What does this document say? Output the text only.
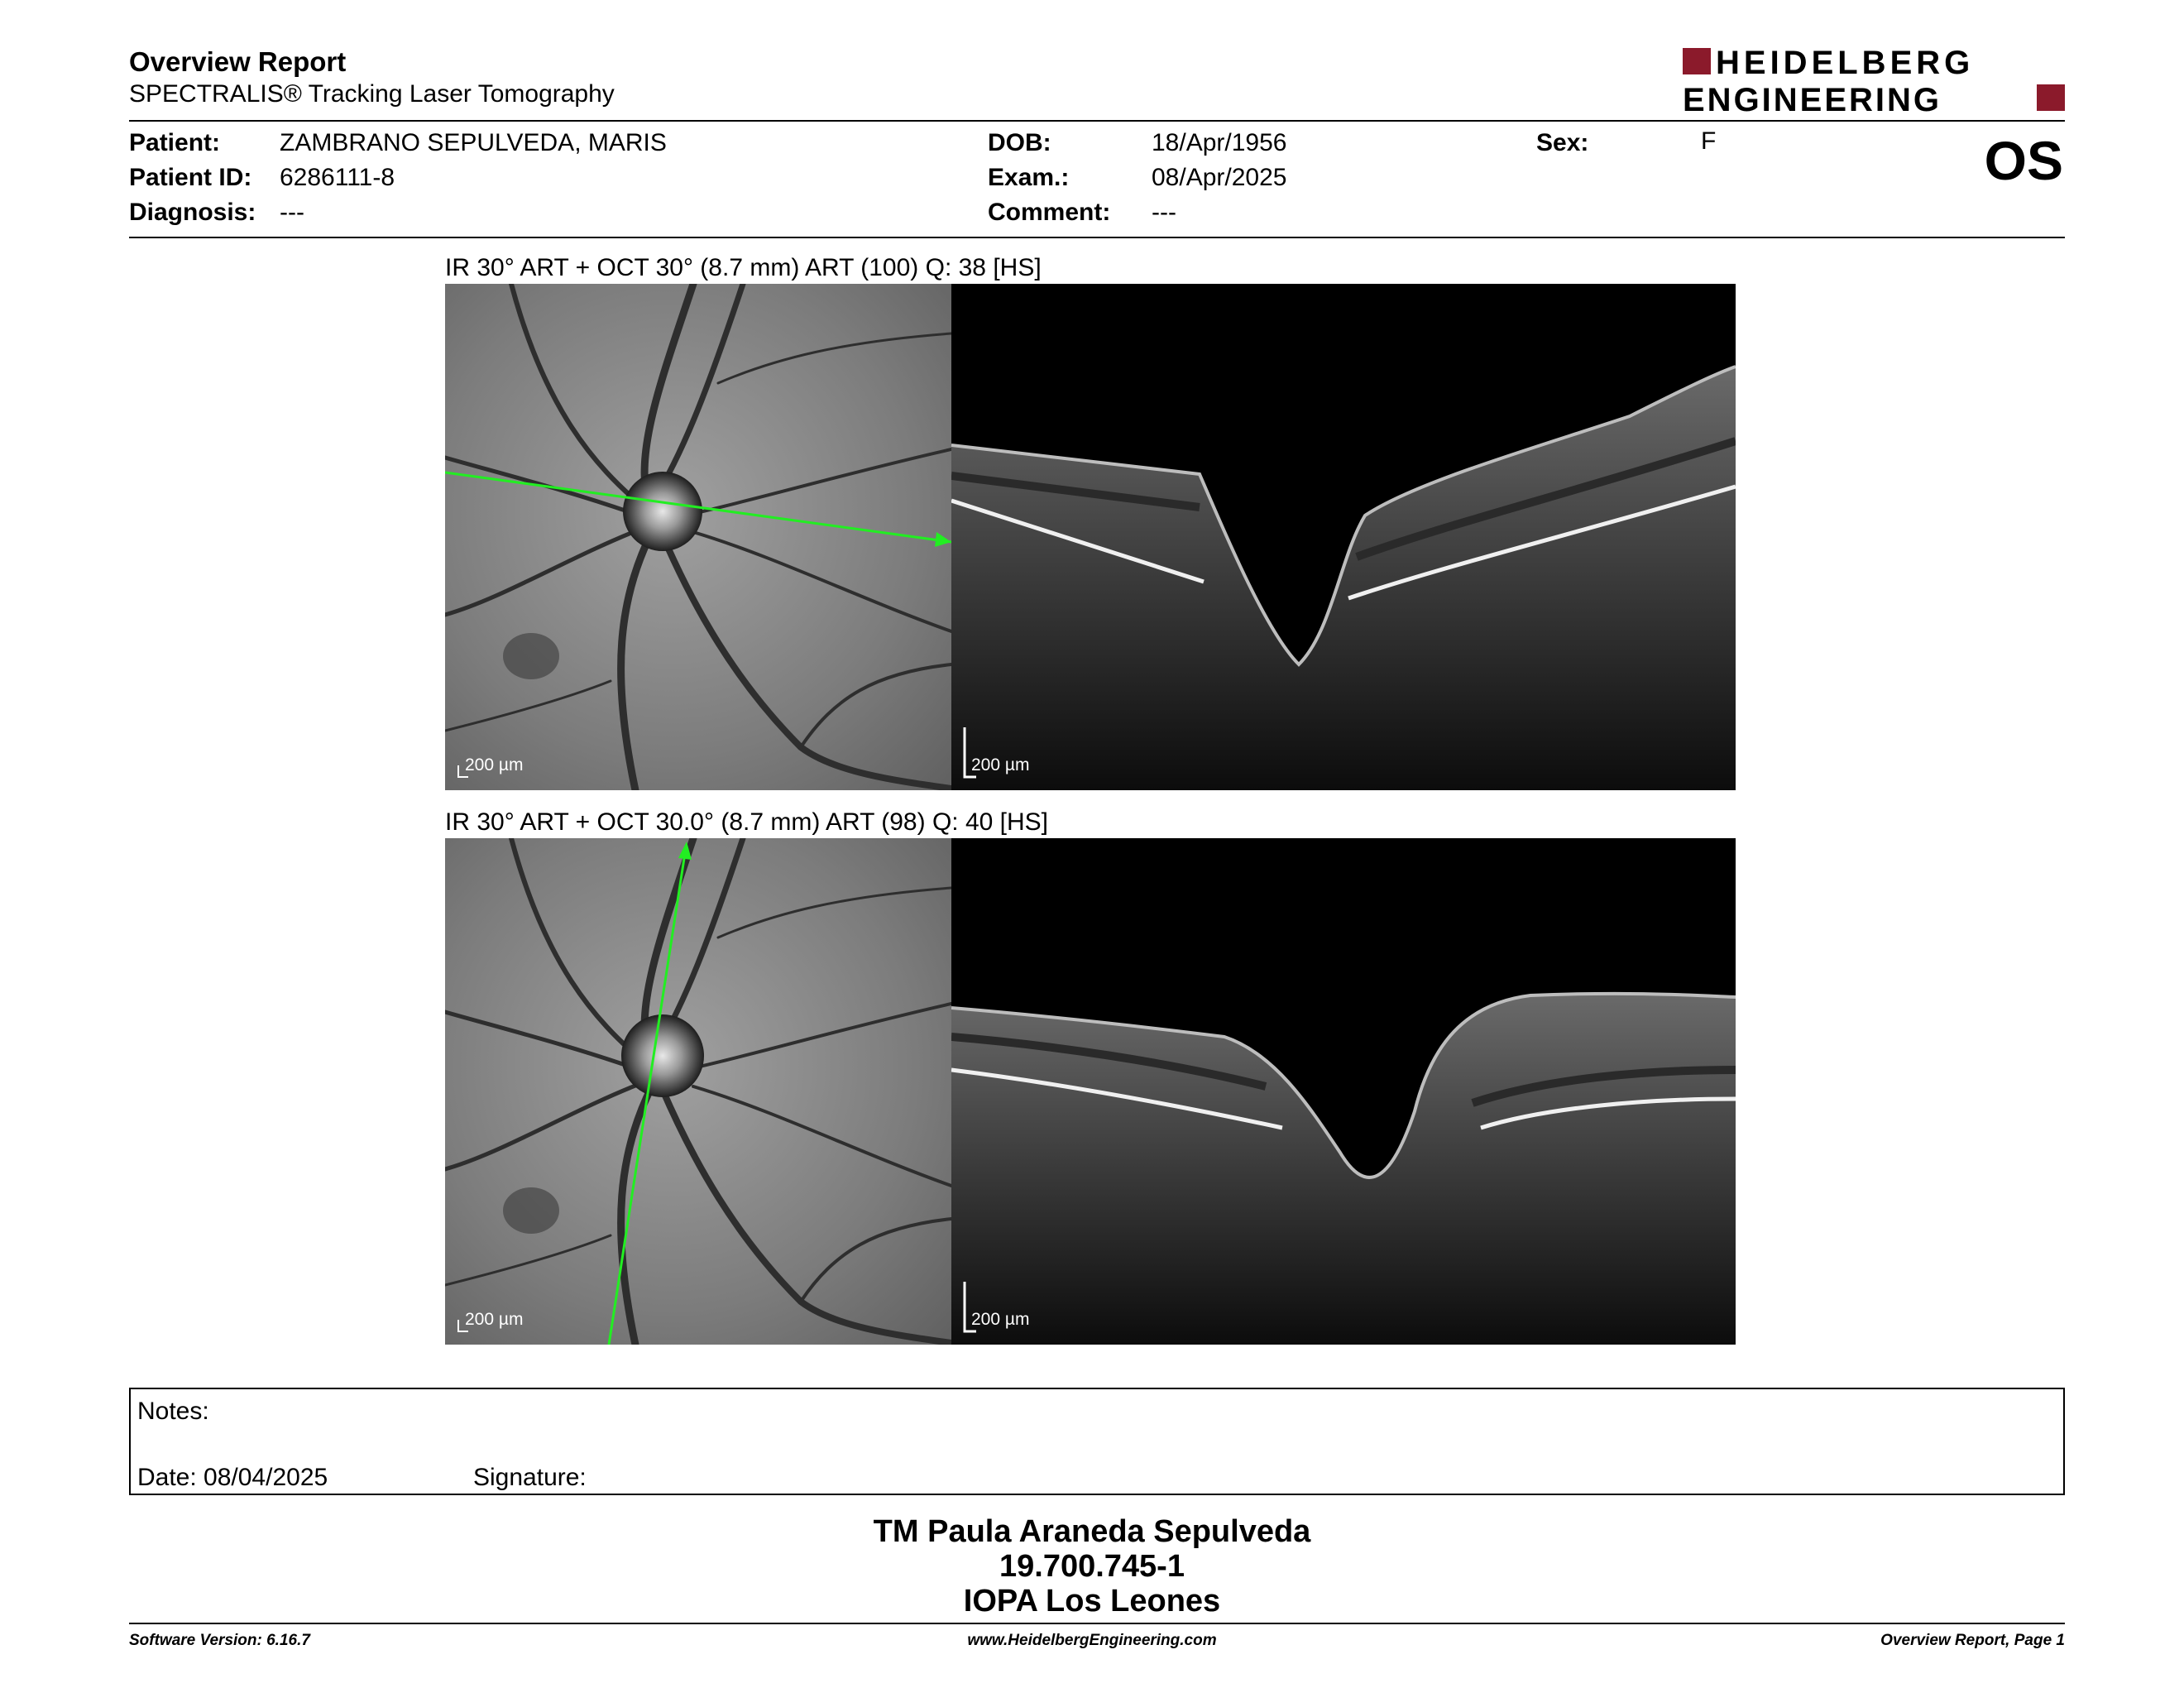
Overview Report
SPECTRALIS® Tracking Laser Tomography
HEIDELBERG
ENGINEERING
Patient: ZAMBRANO SEPULVEDA, MARIS
Patient ID: 6286111-8
Diagnosis: ---
DOB:	18/Apr/1956
Exam.:	08/Apr/2025
Comment: ---
Sex:	F	OS
IR 30° ART + OCT 30° (8.7 mm) ART (100) Q: 38 [HS]
200 µm	200 µm
IR 30° ART + OCT 30.0° (8.7 mm) ART (98) Q: 40 [HS]
200 µm	200 µm
Notes:
Date: 08/04/2025	Signature:
TM Paula Araneda Sepulveda
19.700.745-1
IOPA Los Leones
Software Version: 6.16.7	www.HeidelbergEngineering.com	Overview Report, Page 1
